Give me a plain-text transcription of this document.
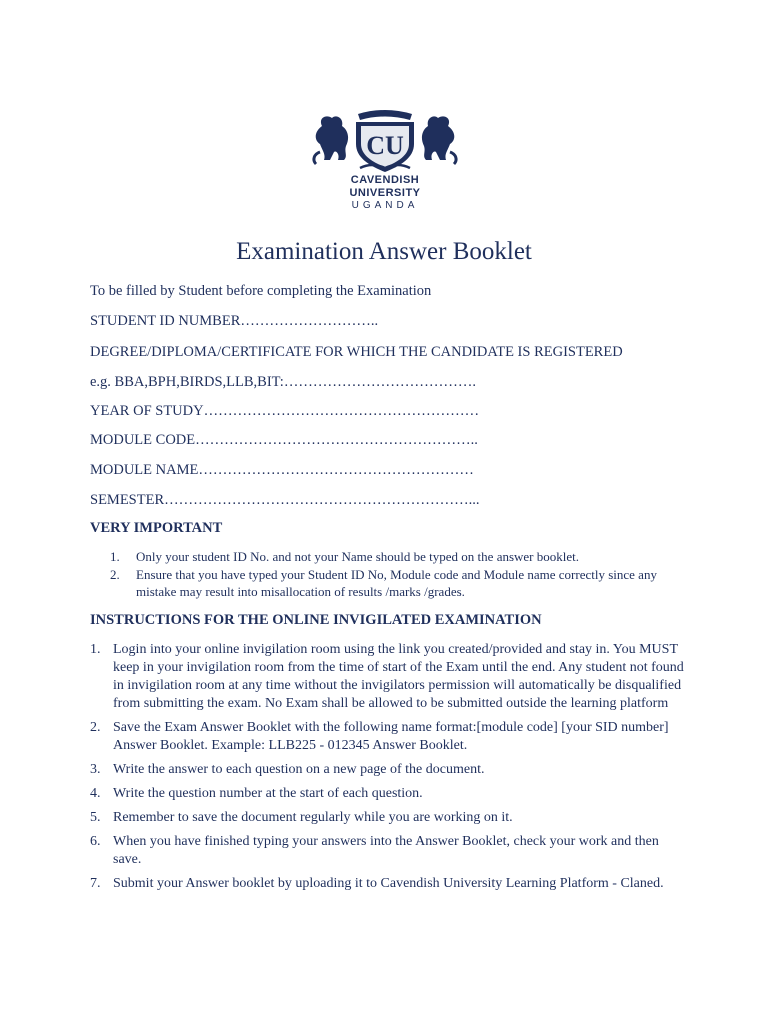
CU
CAVENDISH
UNIVERSITY
UGANDA
Examination Answer Booklet
To be filled by Student before completing the Examination
STUDENT ID NUMBER………………………..
DEGREE/DIPLOMA/CERTIFICATE FOR WHICH THE CANDIDATE IS REGISTERED
e.g. BBA,BPH,BIRDS,LLB,BIT:………………………………….
YEAR OF STUDY…………………………………………………
MODULE CODE…………………………………………………..
MODULE NAME…………………………………………………
SEMESTER………………………………………………………...
VERY IMPORTANT
1.	Only your student ID No. and not your Name should be typed on the answer booklet.
2.	Ensure that you have typed your Student ID No, Module code and Module name correctly since any mistake may result into misallocation of results /marks /grades.
INSTRUCTIONS FOR THE ONLINE INVIGILATED EXAMINATION
1. Login into your online invigilation room using the link you created/provided and stay in. You MUST keep in your invigilation room from the time of start of the Exam until the end. Any student not found in invigilation room at any time without the invigilators permission will automatically be disqualified from submitting the exam. No Exam shall be allowed to be submitted outside the learning platform
2. Save the Exam Answer Booklet with the following name format:[module code] [your SID number] Answer Booklet. Example: LLB225 - 012345 Answer Booklet.
3. Write the answer to each question on a new page of the document.
4. Write the question number at the start of each question.
5. Remember to save the document regularly while you are working on it.
6. When you have finished typing your answers into the Answer Booklet, check your work and then save.
7. Submit your Answer booklet by uploading it to Cavendish University Learning Platform - Claned.
